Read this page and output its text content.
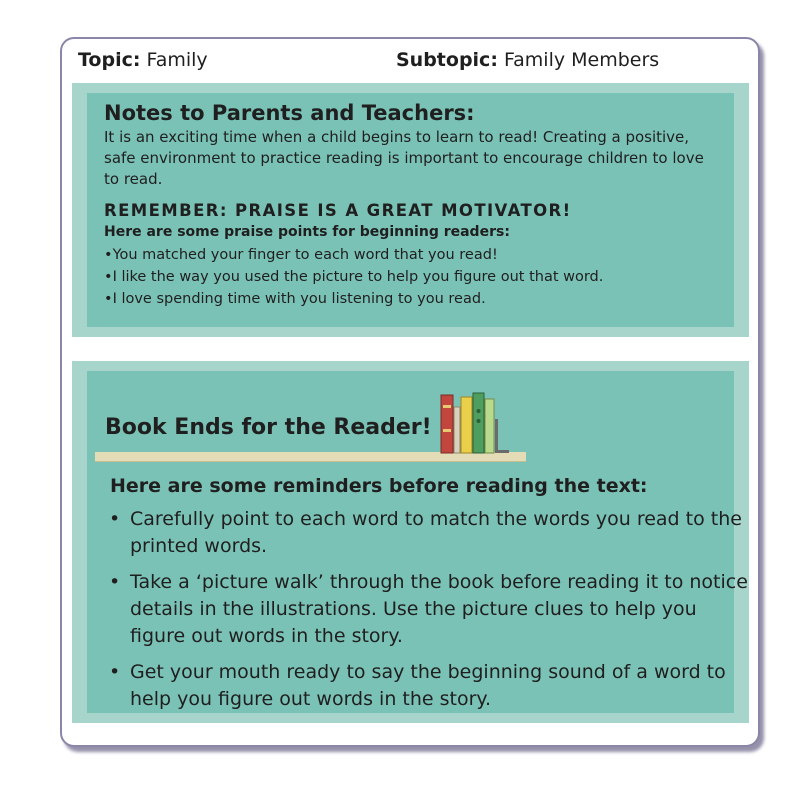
Topic: Family	Subtopic: Family Members
Notes to Parents and Teachers:
It is an exciting time when a child begins to learn to read! Creating a positive, safe environment to practice reading is important to encourage children to love to read.
REMEMBER: PRAISE IS A GREAT MOTIVATOR!
Here are some praise points for beginning readers:
• You matched your finger to each word that you read!
• I like the way you used the picture to help you figure out that word.
• I love spending time with you listening to you read.
Book Ends for the Reader!
Here are some reminders before reading the text:
• Carefully point to each word to match the words you read to the printed words.
• Take a ‘picture walk’ through the book before reading it to notice details in the illustrations. Use the picture clues to help you figure out words in the story.
• Get your mouth ready to say the beginning sound of a word to help you figure out words in the story.
